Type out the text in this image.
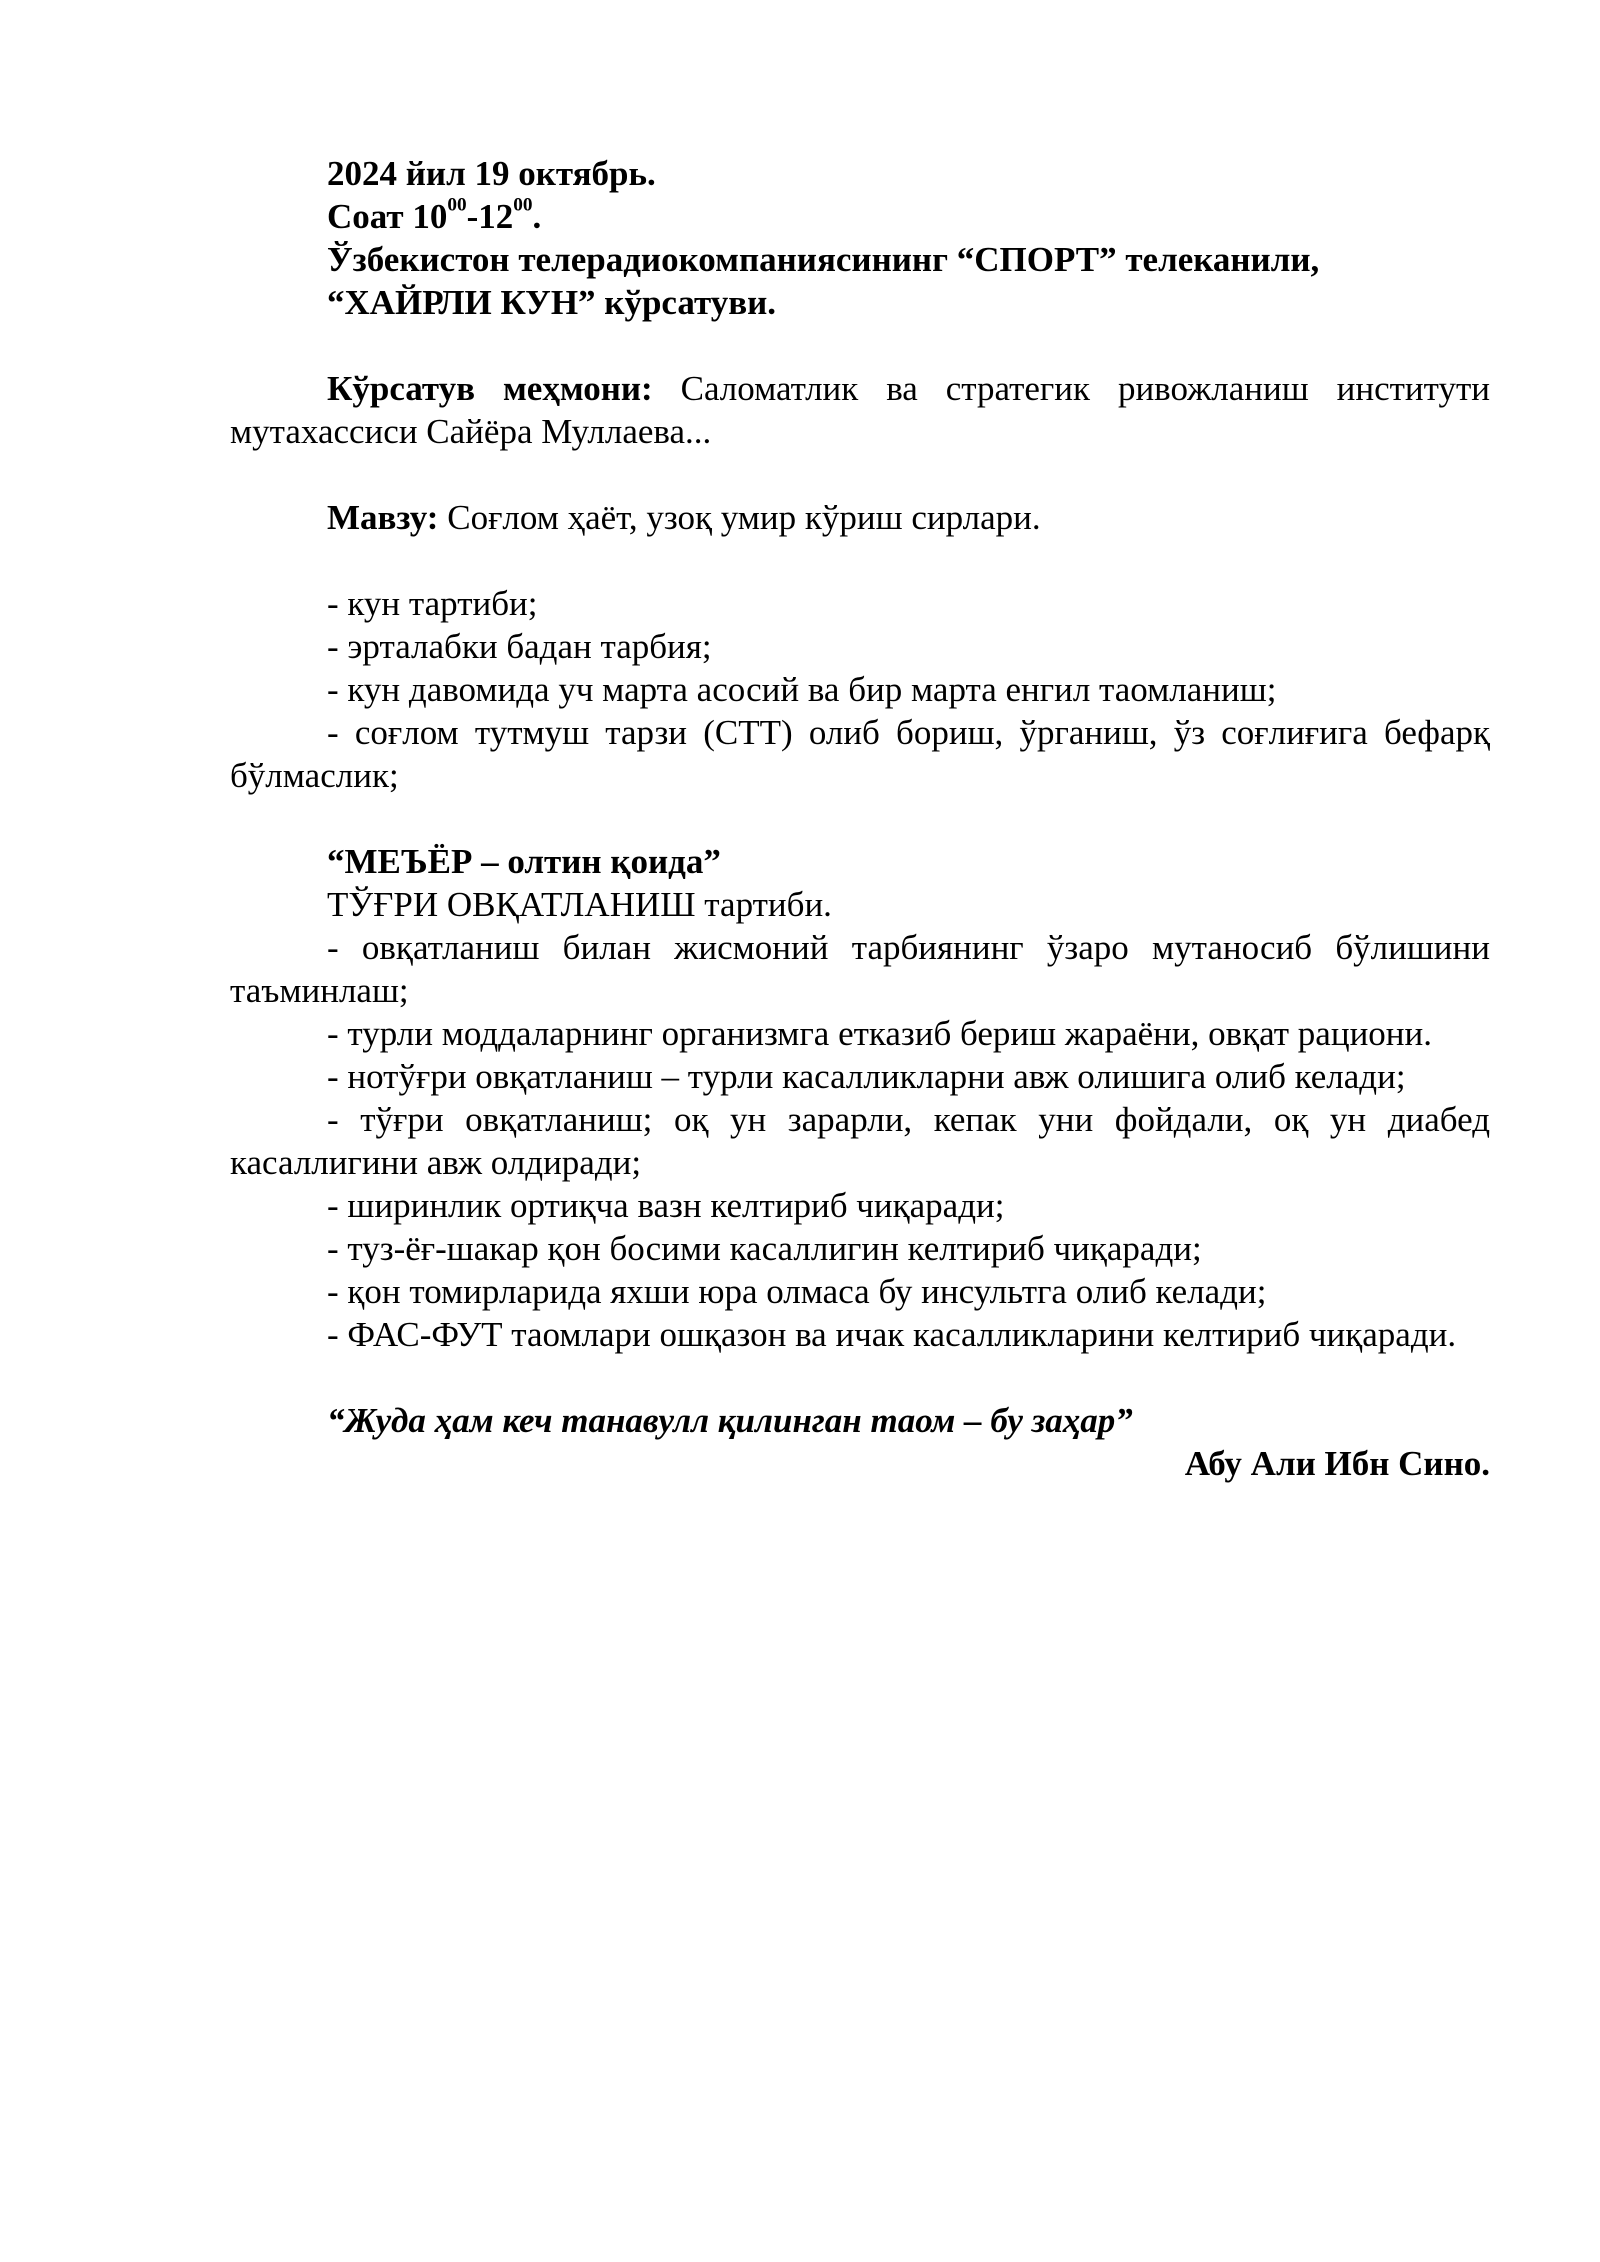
2024 йил 19 октябрь.

Соат $10^{00}-12^{00}$.

Ўзбекистон телерадиокомпаниясининг “СПОРТ” телеканили,

“ХАЙРЛИ КУН” кўрсатуви.

Кўрсатув меҳмони: Саломатлик ва стратегик ривожланиш институти мутахассиси Сайёра Муллаева...

Мавзу: Соғлом ҳаёт, узоқ умир кўриш сирлари.

- кун тартиби;

- эрталабки бадан тарбия;

- кун давомида уч марта асосий ва бир марта енгил таомланиш;

- соғлом тутмуш тарзи (СТТ) олиб бориш, ўрганиш, ўз соғлиғига бефарқ бўлмаслик;

“МЕЪЁР – олтин қоида”

ТЎҒРИ ОВҚАТЛАНИШ тартиби.

- овқатланиш билан жисмоний тарбиянинг ўзаро мутаносиб бўлишини таъминлаш;

- турли моддаларнинг организмга етказиб бериш жараёни, овқат рациони.

- нотўғри овқатланиш – турли касалликларни авж олишига олиб келади;

- тўғри овқатланиш; оқ ун зарарли, кепак уни фойдали, оқ ун диабед касаллигини авж олдиради;

- ширинлик ортиқча вазн келтириб чиқаради;

- туз-ёғ-шакар қон босими касаллигин келтириб чиқаради;

- қон томирларида яхши юра олмаса бу инсультга олиб келади;

- ФАС-ФУТ таомлари ошқазон ва ичак касалликларини келтириб чиқаради.

“Жуда ҳам кеч танавулл қилинган таом – бу заҳар”

Абу Али Ибн Сино.
